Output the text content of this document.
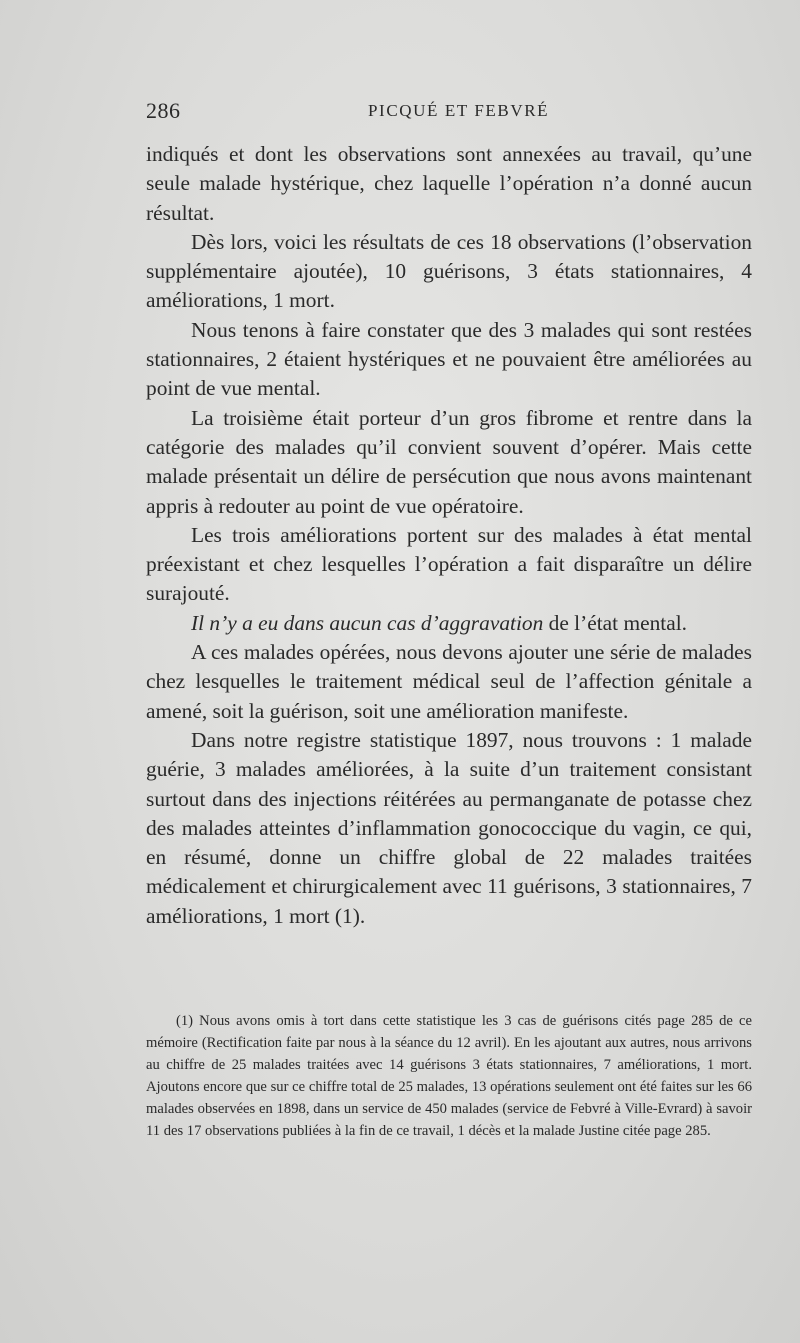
286	PICQUÉ ET FEBVRÉ

indiqués et dont les observations sont annexées au travail, qu’une seule malade hystérique, chez laquelle l’opération n’a donné aucun résultat.

Dès lors, voici les résultats de ces 18 observations (l’observation supplémentaire ajoutée), 10 guérisons, 3 états stationnaires, 4 améliorations, 1 mort.

Nous tenons à faire constater que des 3 malades qui sont restées stationnaires, 2 étaient hystériques et ne pouvaient être améliorées au point de vue mental.

La troisième était porteur d’un gros fibrome et rentre dans la catégorie des malades qu’il convient souvent d’opérer. Mais cette malade présentait un délire de persécution que nous avons maintenant appris à redouter au point de vue opératoire.

Les trois améliorations portent sur des malades à état mental préexistant et chez lesquelles l’opération a fait disparaître un délire surajouté.

Il n’y a eu dans aucun cas d’aggravation de l’état mental.

A ces malades opérées, nous devons ajouter une série de malades chez lesquelles le traitement médical seul de l’affection génitale a amené, soit la guérison, soit une amélioration manifeste.

Dans notre registre statistique 1897, nous trouvons : 1 malade guérie, 3 malades améliorées, à la suite d’un traitement consistant surtout dans des injections réitérées au permanganate de potasse chez des malades atteintes d’inflammation gonococcique du vagin, ce qui, en résumé, donne un chiffre global de 22 malades traitées médicalement et chirurgicalement avec 11 guérisons, 3 stationnaires, 7 améliorations, 1 mort (1).

(1) Nous avons omis à tort dans cette statistique les 3 cas de guérisons cités page 285 de ce mémoire (Rectification faite par nous à la séance du 12 avril). En les ajoutant aux autres, nous arrivons au chiffre de 25 malades traitées avec 14 guérisons 3 états stationnaires, 7 améliorations, 1 mort. Ajoutons encore que sur ce chiffre total de 25 malades, 13 opérations seulement ont été faites sur les 66 malades observées en 1898, dans un service de 450 malades (service de Febvré à Ville-Evrard) à savoir 11 des 17 observations publiées à la fin de ce travail, 1 décès et la malade Justine citée page 285.
